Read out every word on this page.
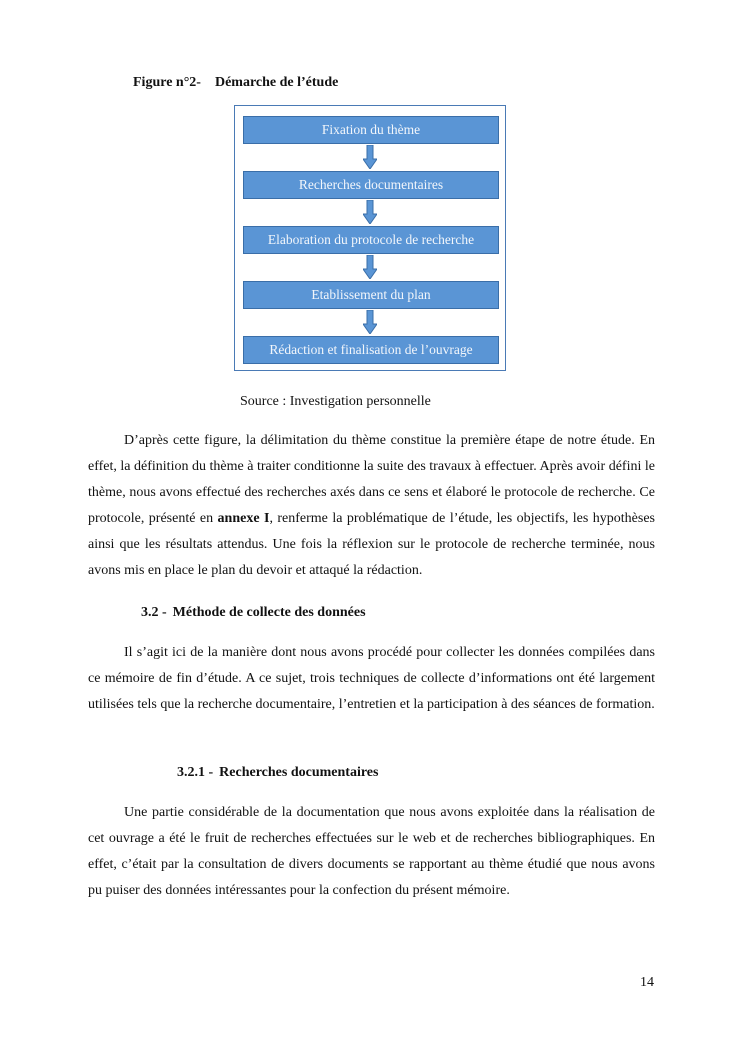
Figure n°2- Démarche de l’étude
Fixation du thème
Recherches documentaires
Elaboration du protocole de recherche
Etablissement du plan
Rédaction et finalisation de l’ouvrage
Source : Investigation personnelle

D’après cette figure, la délimitation du thème constitue la première étape de notre étude. En effet, la définition du thème à traiter conditionne la suite des travaux à effectuer. Après avoir défini le thème, nous avons effectué des recherches axés dans ce sens et élaboré le protocole de recherche. Ce protocole, présenté en annexe I, renferme la problématique de l’étude, les objectifs, les hypothèses ainsi que les résultats attendus. Une fois la réflexion sur le protocole de recherche terminée, nous avons mis en place le plan du devoir et attaqué la rédaction.

3.2 - Méthode de collecte des données

Il s’agit ici de la manière dont nous avons procédé pour collecter les données compilées dans ce mémoire de fin d’étude. A ce sujet, trois techniques de collecte d’informations ont été largement utilisées tels que la recherche documentaire, l’entretien et la participation à des séances de formation.

3.2.1 - Recherches documentaires

Une partie considérable de la documentation que nous avons exploitée dans la réalisation de cet ouvrage a été le fruit de recherches effectuées sur le web et de recherches bibliographiques. En effet, c’était par la consultation de divers documents se rapportant au thème étudié que nous avons pu puiser des données intéressantes pour la confection du présent mémoire.

14
